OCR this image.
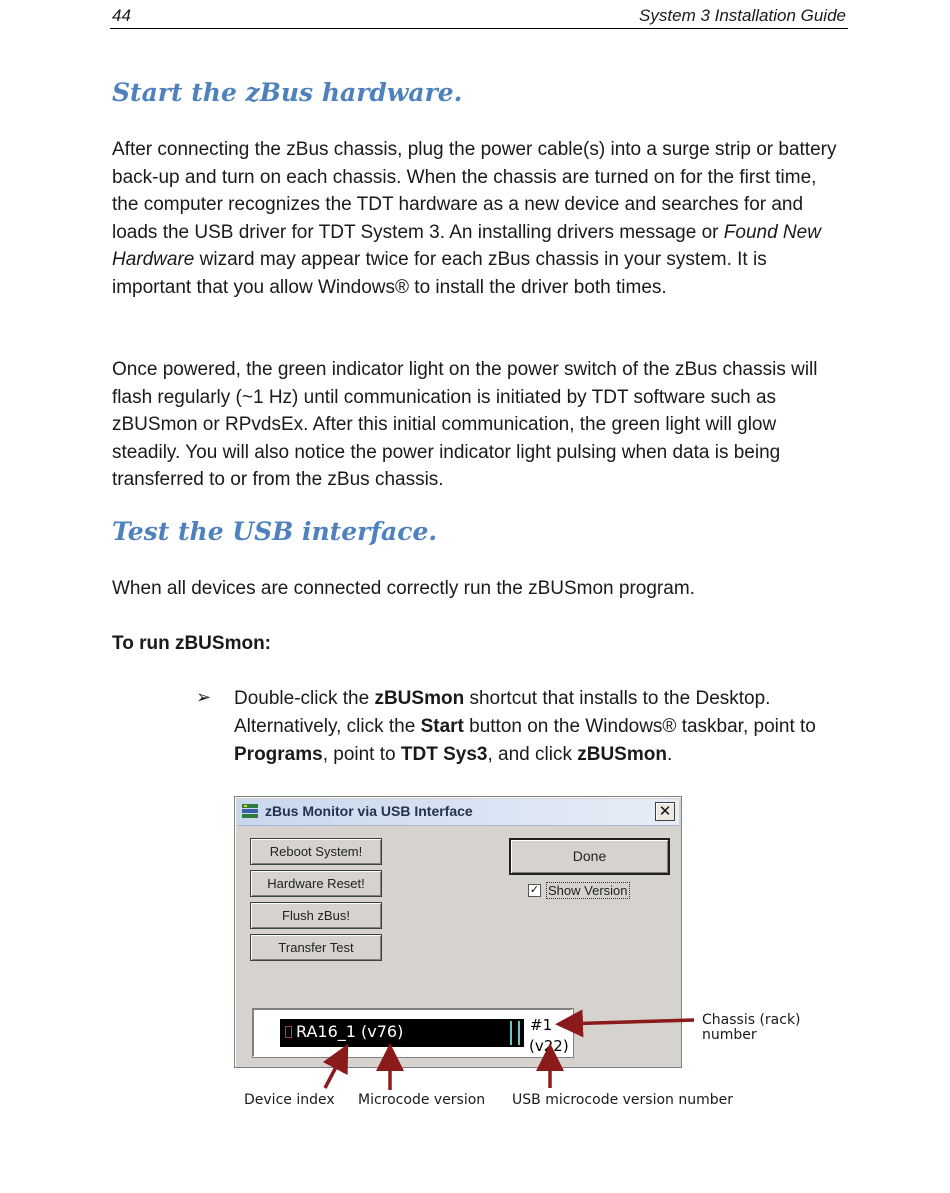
44	System 3 Installation Guide
Start the zBus hardware.

After connecting the zBus chassis, plug the power cable(s) into a surge strip or battery back-up and turn on each chassis. When the chassis are turned on for the first time, the computer recognizes the TDT hardware as a new device and searches for and loads the USB driver for TDT System 3. An installing drivers message or Found New Hardware wizard may appear twice for each zBus chassis in your system. It is important that you allow Windows® to install the driver both times.

Once powered, the green indicator light on the power switch of the zBus chassis will flash regularly (~1 Hz) until communication is initiated by TDT software such as zBUSmon or RPvdsEx. After this initial communication, the green light will glow steadily. You will also notice the power indicator light pulsing when data is being transferred to or from the zBus chassis.

Test the USB interface.

When all devices are connected correctly run the zBUSmon program.

To run zBUSmon:

➢ Double-click the zBUSmon shortcut that installs to the Desktop. Alternatively, click the Start button on the Windows® taskbar, point to Programs, point to TDT Sys3, and click zBUSmon.

zBus Monitor via USB Interface	✕
Reboot System!
Hardware Reset!
Flush zBus!
Transfer Test
Done
✓ Show Version
RA16_1 (v76)	#1
(v22)
Chassis (rack)
number
Device index Microcode version USB microcode version number
